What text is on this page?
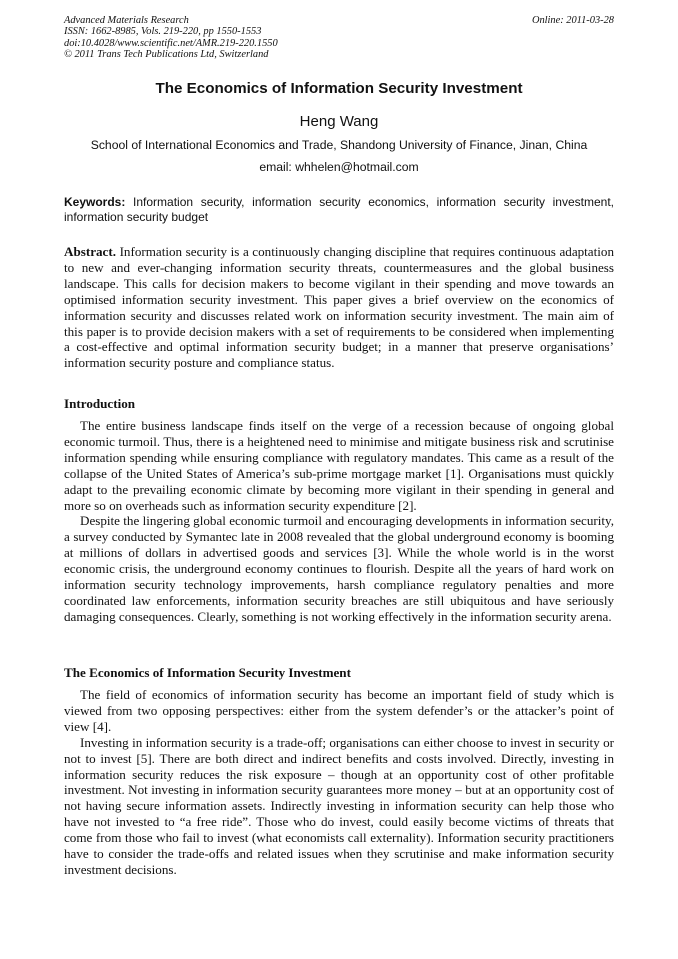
Advanced Materials Research
ISSN: 1662-8985, Vols. 219-220, pp 1550-1553
doi:10.4028/www.scientific.net/AMR.219-220.1550
© 2011 Trans Tech Publications Ltd, Switzerland
Online: 2011-03-28
The Economics of Information Security Investment
Heng Wang
School of International Economics and Trade, Shandong University of Finance, Jinan, China
email: whhelen@hotmail.com
Keywords: Information security, information security economics, information security investment, information security budget

Abstract. Information security is a continuously changing discipline that requires continuous adaptation to new and ever-changing information security threats, countermeasures and the global business landscape. This calls for decision makers to become vigilant in their spending and move towards an optimised information security investment. This paper gives a brief overview on the economics of information security and discusses related work on information security investment. The main aim of this paper is to provide decision makers with a set of requirements to be considered when implementing a cost-effective and optimal information security budget; in a manner that preserve organisations’ information security posture and compliance status.

Introduction

The entire business landscape finds itself on the verge of a recession because of ongoing global economic turmoil. Thus, there is a heightened need to minimise and mitigate business risk and scrutinise information spending while ensuring compliance with regulatory mandates. This came as a result of the collapse of the United States of America’s sub-prime mortgage market [1]. Organisations must quickly adapt to the prevailing economic climate by becoming more vigilant in their spending in general and more so on overheads such as information security expenditure [2].

Despite the lingering global economic turmoil and encouraging developments in information security, a survey conducted by Symantec late in 2008 revealed that the global underground economy is booming at millions of dollars in advertised goods and services [3]. While the whole world is in the worst economic crisis, the underground economy continues to flourish. Despite all the years of hard work on information security technology improvements, harsh compliance regulatory penalties and more coordinated law enforcements, information security breaches are still ubiquitous and have seriously damaging consequences. Clearly, something is not working effectively in the information security arena.

The Economics of Information Security Investment

The field of economics of information security has become an important field of study which is viewed from two opposing perspectives: either from the system defender’s or the attacker’s point of view [4].

Investing in information security is a trade-off; organisations can either choose to invest in security or not to invest [5]. There are both direct and indirect benefits and costs involved. Directly, investing in information security reduces the risk exposure – though at an opportunity cost of other profitable investment. Not investing in information security guarantees more money – but at an opportunity cost of not having secure information assets. Indirectly investing in information security can help those who have not invested to “a free ride”. Those who do invest, could easily become victims of threats that come from those who fail to invest (what economists call externality). Information security practitioners have to consider the trade-offs and related issues when they scrutinise and make information security investment decisions.
